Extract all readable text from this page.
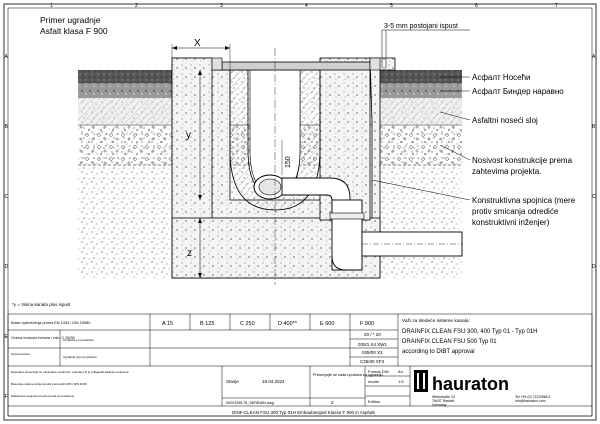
1	2	3	4	5	6	7
A
B
C
D
E
F
A
B
C
D
Primer ugradnje
Asfalt klasa F 900
X
y
z
150
3-5 mm postojani ispust
Асфалт Носећи
Асфалт Биндер наравно
Asfaltni noseći sloj
Nosivost konstrukcije prema
zahtevima projekta.
Konstruktivna spojnica (mere
protiv smicanja odrediće
konstruktivni inženjer)
*y = Visina kanala plus ispust
Klase opterećenja prema EN 1433 / DIN 19580
Ocena čvrstoće betona / min. C 25/30
Ocena betona
Armatura po proračunu
Ugradnja prema uputstvu
A 15	B 125	C 250	D 400**	E 600	F 900
20 / * 20
030/1 X4 XW1
035/00 X3
C25/30 XF3
Važi za sledeće sisteme kanala:
DRAINFIX CLEAN FSU 300, 400 Typ 01 - Typ 01H
DRAINFIX CLEAN FSU 500 Typ 01
according to DIBT approval
Navedene dimenzije su minimalne vrednosti i potrebno ih je prilagoditi lokalnim uslovima.
Betonske radove treba izvoditi prema EN 206 i DIN 1045.
Dilatacione spojnice izvesti prema smernicama.
Stanje	18.04.2024
Primenjujte se naša uputstva za ugradnju.
0000158178_SERBIAN.dwg	2
Format DIN A4
model	1:5
Edition
hauraton
Werkstraße 13
76437 Rastatt
Germany
Tel +49 (0) 7222/958-0
info@hauraton.com
DINF-CLEAN FSU 300 Typ 01H Einbaubeispiel Klasse F 900 in Asphalt
